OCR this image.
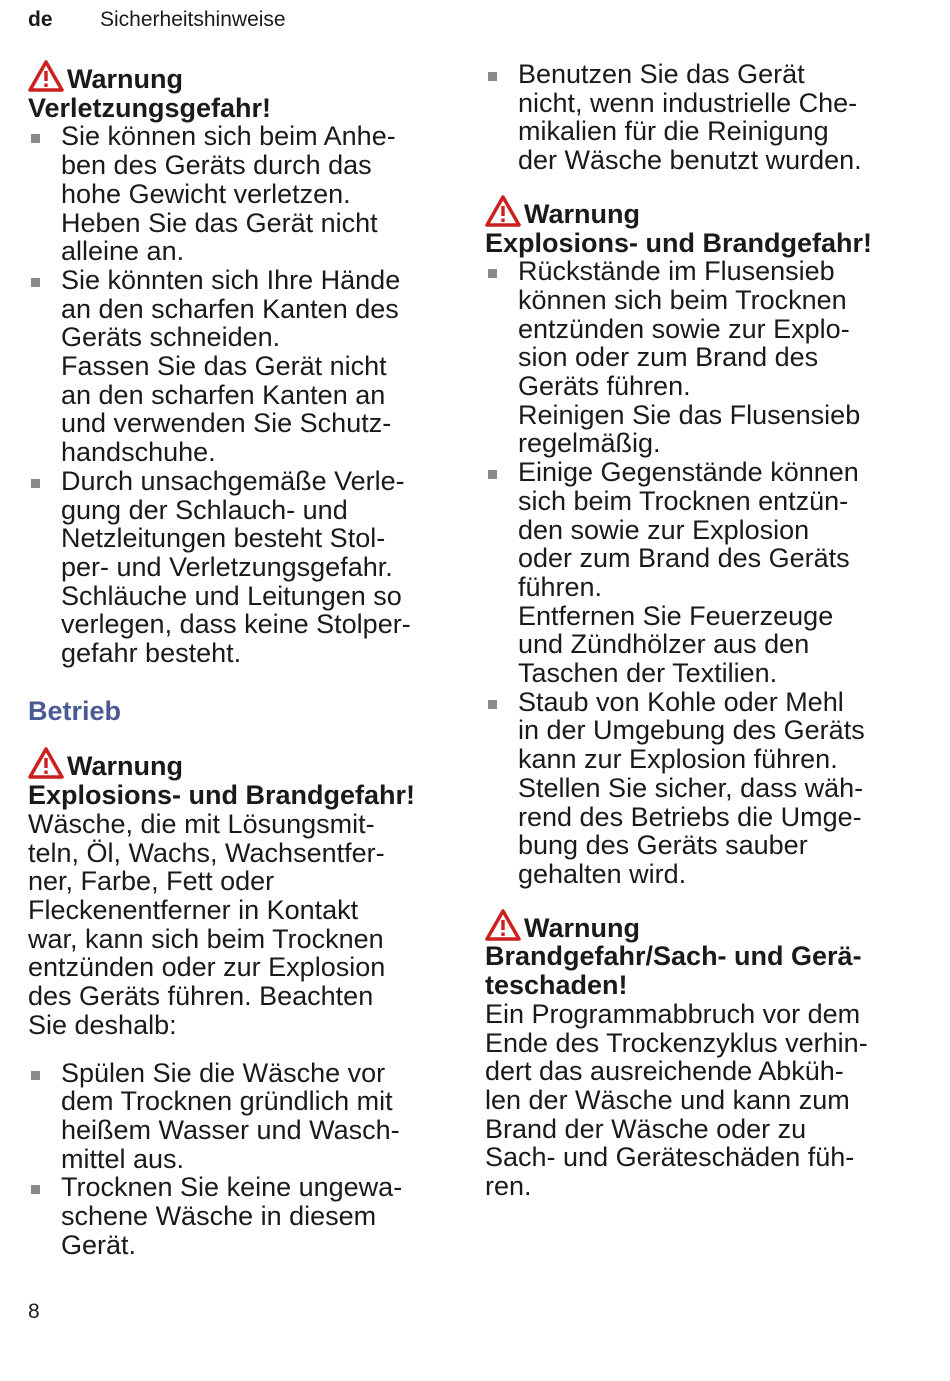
de Sicherheitshinweise

Warnung

Verletzungsgefahr!

Sie können sich beim Anhe-
ben des Geräts durch das
hohe Gewicht verletzen.
Heben Sie das Gerät nicht
alleine an.
Sie könnten sich Ihre Hände
an den scharfen Kanten des
Geräts schneiden.
Fassen Sie das Gerät nicht
an den scharfen Kanten an
und verwenden Sie Schutz-
handschuhe.
Durch unsachgemäße Verle-
gung der Schlauch- und
Netzleitungen besteht Stol-
per- und Verletzungsgefahr.
Schläuche und Leitungen so
verlegen, dass keine Stolper-
gefahr besteht.

Betrieb

Warnung

Explosions- und Brandgefahr!

Wäsche, die mit Lösungsmit-
teln, Öl, Wachs, Wachsentfer-
ner, Farbe, Fett oder
Fleckenentferner in Kontakt
war, kann sich beim Trocknen
entzünden oder zur Explosion
des Geräts führen. Beachten
Sie deshalb:
Spülen Sie die Wäsche vor
dem Trocknen gründlich mit
heißem Wasser und Wasch-
mittel aus.
Trocknen Sie keine ungewa-
schene Wäsche in diesem
Gerät.
Benutzen Sie das Gerät
nicht, wenn industrielle Che-
mikalien für die Reinigung
der Wäsche benutzt wurden.

Warnung

Explosions- und Brandgefahr!

Rückstände im Flusensieb
können sich beim Trocknen
entzünden sowie zur Explo-
sion oder zum Brand des
Geräts führen.
Reinigen Sie das Flusensieb
regelmäßig.
Einige Gegenstände können
sich beim Trocknen entzün-
den sowie zur Explosion
oder zum Brand des Geräts
führen.
Entfernen Sie Feuerzeuge
und Zündhölzer aus den
Taschen der Textilien.
Staub von Kohle oder Mehl
in der Umgebung des Geräts
kann zur Explosion führen.
Stellen Sie sicher, dass wäh-
rend des Betriebs die Umge-
bung des Geräts sauber
gehalten wird.

Warnung

Brandgefahr/Sach- und Gerä-
teschaden!

Ein Programmabbruch vor dem
Ende des Trockenzyklus verhin-
dert das ausreichende Abküh-
len der Wäsche und kann zum
Brand der Wäsche oder zu
Sach- und Geräteschäden füh-
ren.
8
